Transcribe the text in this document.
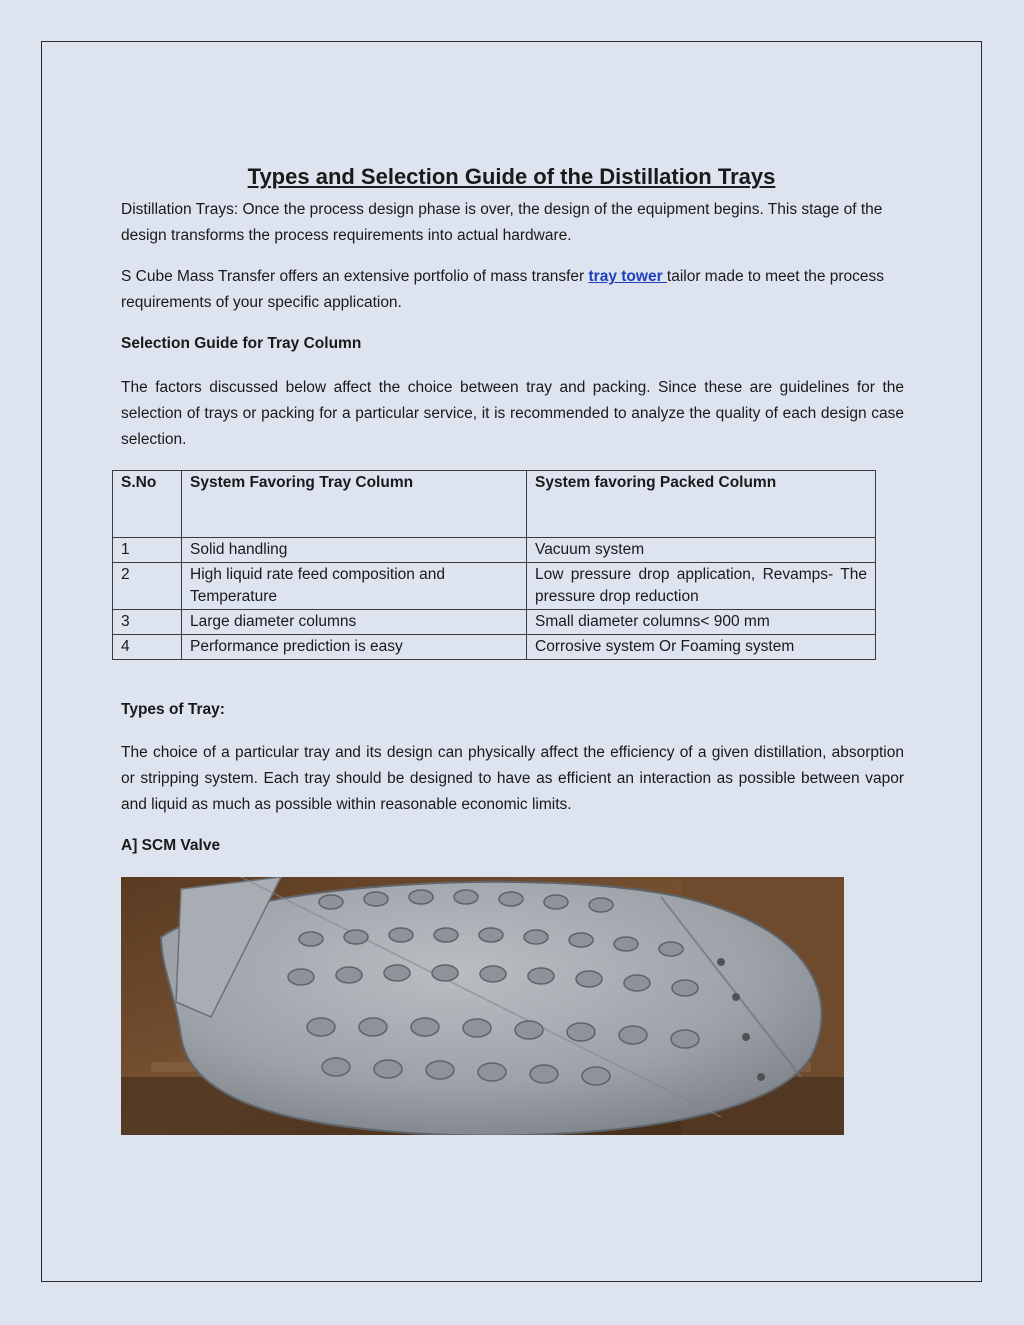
Types and Selection Guide of the Distillation Trays

Distillation Trays: Once the process design phase is over, the design of the equipment begins. This stage of the design transforms the process requirements into actual hardware.

S Cube Mass Transfer offers an extensive portfolio of mass transfer tray tower tailor made to meet the process requirements of your specific application.

Selection Guide for Tray Column

The factors discussed below affect the choice between tray and packing. Since these are guidelines for the selection of trays or packing for a particular service, it is recommended to analyze the quality of each design case selection.

S.No	System Favoring Tray Column	System favoring Packed Column
1	Solid handling	Vacuum system
2	High liquid rate feed composition and Temperature	Low pressure drop application, Revamps- The pressure drop reduction
3	Large diameter columns	Small diameter columns< 900 mm
4	Performance prediction is easy	Corrosive system Or Foaming system

Types of Tray:

The choice of a particular tray and its design can physically affect the efficiency of a given distillation, absorption or stripping system. Each tray should be designed to have as efficient an interaction as possible between vapor and liquid as much as possible within reasonable economic limits.

A] SCM Valve
